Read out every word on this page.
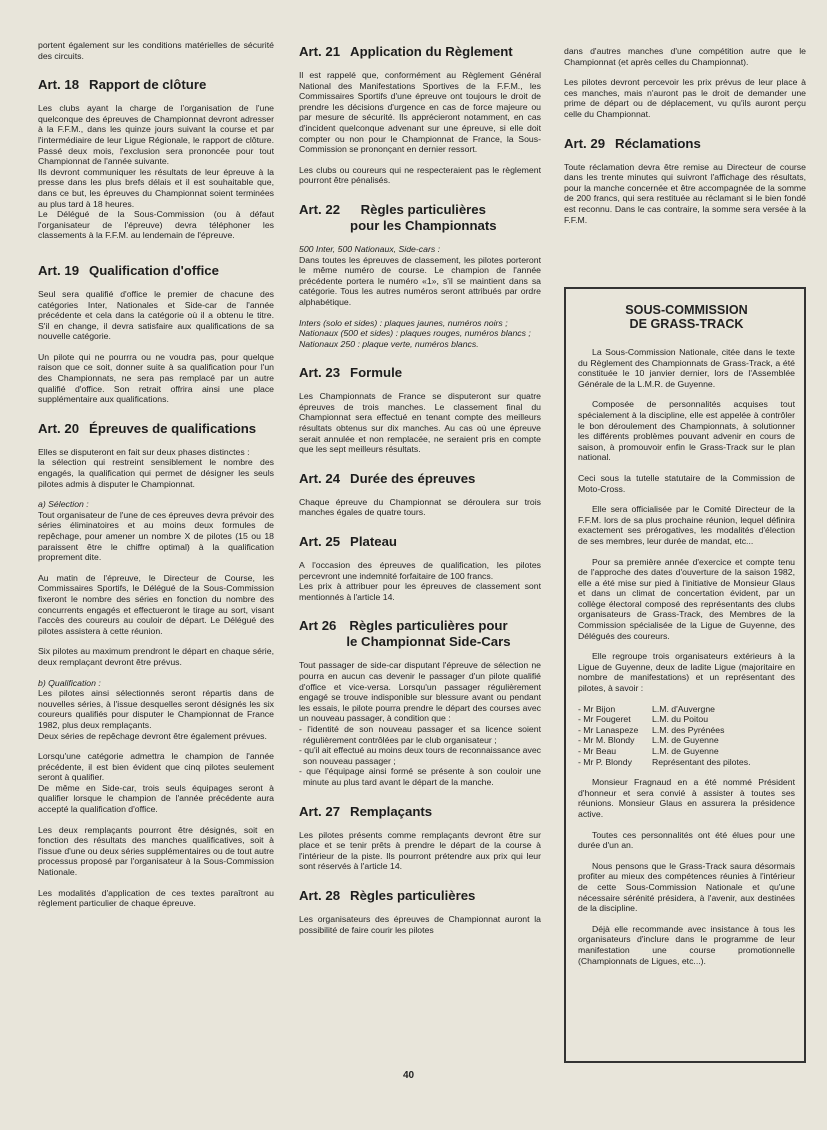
portent également sur les conditions matérielles de sécurité des circuits.

Art. 18 Rapport de clôture

Les clubs ayant la charge de l'organisation de l'une quelconque des épreuves de Championnat devront adresser à la F.F.M., dans les quinze jours suivant la course et par l'intermédiaire de leur Ligue Régionale, le rapport de clôture. Passé deux mois, l'exclusion sera prononcée pour tout Championnat de l'année suivante.

Ils devront communiquer les résultats de leur épreuve à la presse dans les plus brefs délais et il est souhaitable que, dans ce but, les épreuves du Championnat soient terminées au plus tard à 18 heures.

Le Délégué de la Sous-Commission (ou à défaut l'organisateur de l'épreuve) devra téléphoner les classements à la F.F.M. au lendemain de l'épreuve.

Art. 19 Qualification d'office

Seul sera qualifié d'office le premier de chacune des catégories Inter, Nationales et Side-car de l'année précédente et cela dans la catégorie où il a obtenu le titre. S'il en change, il devra satisfaire aux qualifications de sa nouvelle catégorie.

Un pilote qui ne pourrra ou ne voudra pas, pour quelque raison que ce soit, donner suite à sa qualification pour l'un des Championnats, ne sera pas remplacé par un autre qualifié d'office. Son retrait offrira ainsi une place supplémentaire aux qualifications.

Art. 20 Épreuves de qualifications

Elles se disputeront en fait sur deux phases distinctes :

la sélection qui restreint sensiblement le nombre des engagés, la qualification qui permet de désigner les seuls pilotes admis à disputer le Championnat.

a) Sélection :

Tout organisateur de l'une de ces épreuves devra prévoir des séries éliminatoires et au moins deux formules de repêchage, pour amener un nombre X de pilotes (15 ou 18 paraissent être le chiffre optimal) à la qualification proprement dite.

Au matin de l'épreuve, le Directeur de Course, les Commissaires Sportifs, le Délégué de la Sous-Commission fixeront le nombre des séries en fonction du nombre des concurrents engagés et effectueront le tirage au sort, visant l'accès des coureurs au couloir de départ. Le Délégué des pilotes assistera à cette réunion.

Six pilotes au maximum prendront le départ en chaque série, deux remplaçant devront être prévus.

b) Qualification :

Les pilotes ainsi sélectionnés seront répartis dans de nouvelles séries, à l'issue desquelles seront désignés les six coureurs qualifiés pour disputer le Championnat de France 1982, plus deux remplaçants.

Deux séries de repêchage devront être également prévues.

Lorsqu'une catégorie admettra le champion de l'année précédente, il est bien évident que cinq pilotes seulement seront à qualifier.

De même en Side-car, trois seuls équipages seront à qualifier lorsque le champion de l'année précédente aura accepté la qualification d'office.

Les deux remplaçants pourront être désignés, soit en fonction des résultats des manches qualificatives, soit à l'issue d'une ou deux séries supplémentaires ou de tout autre processus proposé par l'organisateur à la Sous-Commission Nationale.

Les modalités d'application de ces textes paraîtront au règlement particulier de chaque épreuve.

Art. 21 Application du Règlement

Il est rappelé que, conformément au Règlement Général National des Manifestations Sportives de la F.F.M., les Commissaires Sportifs d'une épreuve ont toujours le droit de prendre les décisions d'urgence en cas de force majeure ou par mesure de sécurité. Ils apprécieront notamment, en cas d'incident quelconque advenant sur une épreuve, si elle doit compter ou non pour le Championnat de France, la Sous-Commission se prononçant en dernier ressort.

Les clubs ou coureurs qui ne respecteraient pas le règlement pourront être pénalisés.

Art. 22 Règles particulières
pour les Championnats

500 Inter, 500 Nationaux, Side-cars :

Dans toutes les épreuves de classement, les pilotes porteront le même numéro de course. Le champion de l'année précédente portera le numéro «1», s'il se maintient dans sa catégorie. Tous les autres numéros seront attribués par ordre alphabétique.

Inters (solo et sides) : plaques jaunes, numéros noirs ;

Nationaux (500 et sides) : plaques rouges, numéros blancs ;

Nationaux 250 : plaque verte, numéros blancs.

Art. 23 Formule

Les Championnats de France se disputeront sur quatre épreuves de trois manches. Le classement final du Championnat sera effectué en tenant compte des meilleurs résultats obtenus sur dix manches. Au cas où une épreuve serait annulée et non remplacée, ne seraient pris en compte que les sept meilleurs résultats.

Art. 24 Durée des épreuves

Chaque épreuve du Championnat se déroulera sur trois manches égales de quatre tours.

Art. 25 Plateau

A l'occasion des épreuves de qualification, les pilotes percevront une indemnité forfaitaire de 100 francs.

Les prix à attribuer pour les épreuves de classement sont mentionnés à l'article 14.

Art 26 Règles particulières pour
le Championnat Side-Cars

Tout passager de side-car disputant l'épreuve de sélection ne pourra en aucun cas devenir le passager d'un pilote qualifié d'office et vice-versa. Lorsqu'un passager régulièrement engagé se trouve indisponible sur blessure avant ou pendant les essais, le pilote pourra prendre le départ des courses avec un nouveau passager, à condition que :

- l'identité de son nouveau passager et sa licence soient régulièrement contrôlées par le club organisateur ;

- qu'il ait effectué au moins deux tours de reconnaissance avec son nouveau passager ;

- que l'équipage ainsi formé se présente à son couloir une minute au plus tard avant le départ de la manche.

Art. 27 Remplaçants

Les pilotes présents comme remplaçants devront être sur place et se tenir prêts à prendre le départ de la course à l'intérieur de la piste. Ils pourront prétendre aux prix qui leur sont réservés à l'article 14.

Art. 28 Règles particulières

Les organisateurs des épreuves de Championnat auront la possibilité de faire courir les pilotes

dans d'autres manches d'une compétition autre que le Championnat (et après celles du Championnat).

Les pilotes devront percevoir les prix prévus de leur place à ces manches, mais n'auront pas le droit de demander une prime de départ ou de déplacement, vu qu'ils auront perçu celle du Championnat.

Art. 29 Réclamations

Toute réclamation devra être remise au Directeur de course dans les trente minutes qui suivront l'affichage des résultats, pour la manche concernée et être accompagnée de la somme de 200 francs, qui sera restituée au réclamant si le bien fondé est reconnu. Dans le cas contraire, la somme sera versée à la F.F.M.

SOUS-COMMISSION
DE GRASS-TRACK

La Sous-Commission Nationale, citée dans le texte du Règlement des Championnats de Grass-Track, a été constituée le 10 janvier dernier, lors de l'Assemblée Générale de la L.M.R. de Guyenne.

Composée de personnalités acquises tout spécialement à la discipline, elle est appelée à contrôler le bon déroulement des Championnats, à solutionner les différents problèmes pouvant advenir en cours de saison, à promouvoir enfin le Grass-Track sur le plan national.

Ceci sous la tutelle statutaire de la Commission de Moto-Cross.

Elle sera officialisée par le Comité Directeur de la F.F.M. lors de sa plus prochaine réunion, lequel définira exactement ses prérogatives, les modalités d'élection de ses membres, leur durée de mandat, etc...

Pour sa première année d'exercice et compte tenu de l'approche des dates d'ouverture de la saison 1982, elle a été mise sur pied à l'initiative de Monsieur Glaus et dans un climat de concertation évident, par un collège électoral composé des représentants des clubs organisateurs de Grass-Track, des Membres de la Commission spécialisée de la Ligue de Guyenne, des Délégués des coureurs.

Elle regroupe trois organisateurs extérieurs à la Ligue de Guyenne, deux de ladite Ligue (majoritaire en nombre de manifestations) et un représentant des pilotes, à savoir :

- Mr Bijon	L.M. d'Auvergne
- Mr Fougeret	L.M. du Poitou
- Mr Lanaspeze	L.M. des Pyrénées
- Mr M. Blondy	L.M. de Guyenne
- Mr Beau	L.M. de Guyenne
- Mr P. Blondy	Représentant des pilotes.

Monsieur Fragnaud en a été nommé Président d'honneur et sera convié à assister à toutes ses réunions. Monsieur Glaus en assurera la présidence active.

Toutes ces personnalités ont été élues pour une durée d'un an.

Nous pensons que le Grass-Track saura désormais profiter au mieux des compétences réunies à l'intérieur de cette Sous-Commission Nationale et qu'une nécessaire sérénité présidera, à l'avenir, aux destinées de la discipline.

Déjà elle recommande avec insistance à tous les organisateurs d'inclure dans le programme de leur manifestation une course promotionnelle (Championnats de Ligues, etc...).

40
